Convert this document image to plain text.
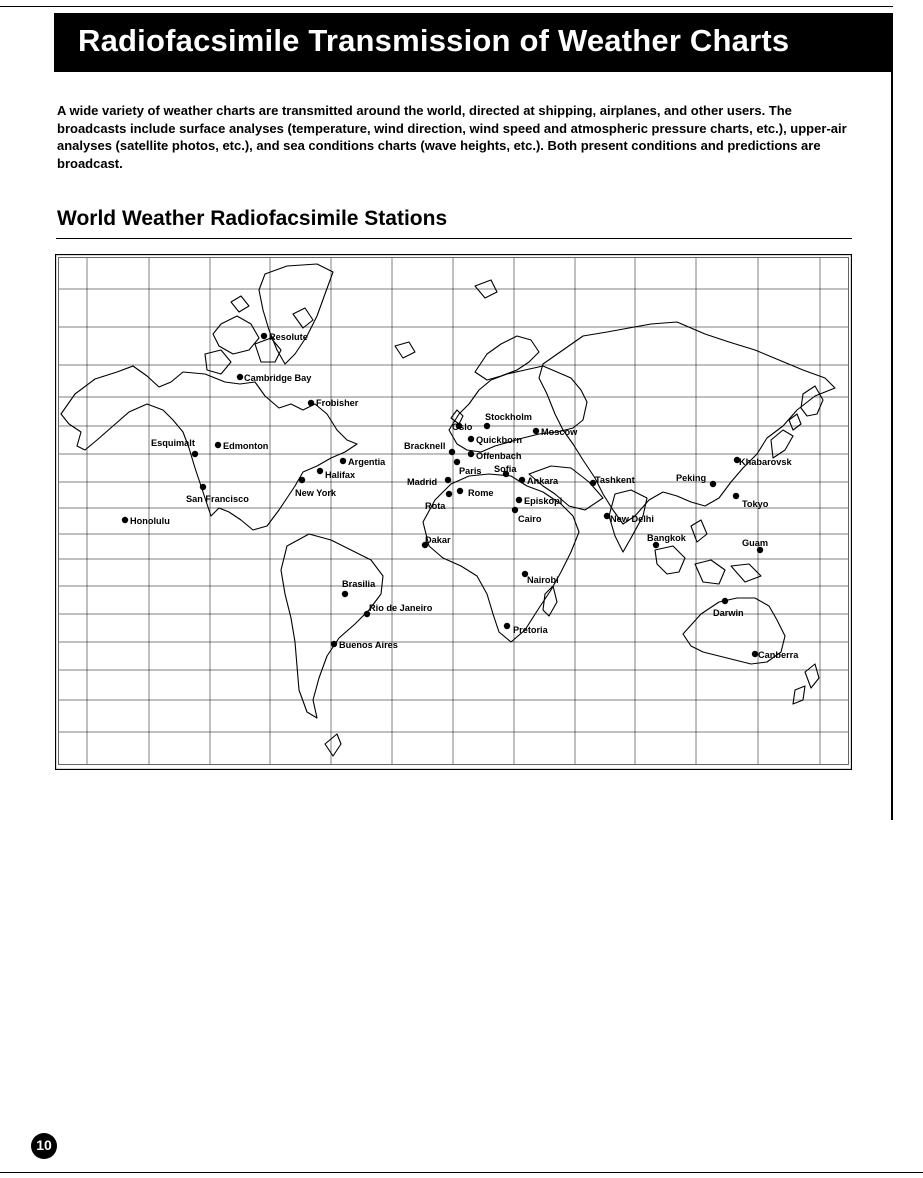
Radiofacsimile Transmission of Weather Charts

A wide variety of weather charts are transmitted around the world, directed at shipping, airplanes, and other users. The broadcasts include surface analyses (temperature, wind direction, wind speed and atmospheric pressure charts, etc.), upper-air analyses (satellite photos, etc.), and sea conditions charts (wave heights, etc.). Both present conditions and predictions are broadcast.

World Weather Radiofacsimile Stations
Resolute
Cambridge Bay
Frobisher
Esquimalt	Edmonton
Argentia
Halifax
New York
San Francisco
Honolulu
Brasilia
Rio de Janeiro
Buenos Aires
Stockholm
Oslo	Moscow
Bracknell
Quickborn
Offenbach
Paris Sofia
Madrid	Ankara
Rome
Rota	Episkopi
Tashkent	Peking
Khabarovsk
Tokyo
Cairo	New Delhi
Dakar	Bangkok	Guam
Nairobi
Pretoria
Darwin
Canberra
10
